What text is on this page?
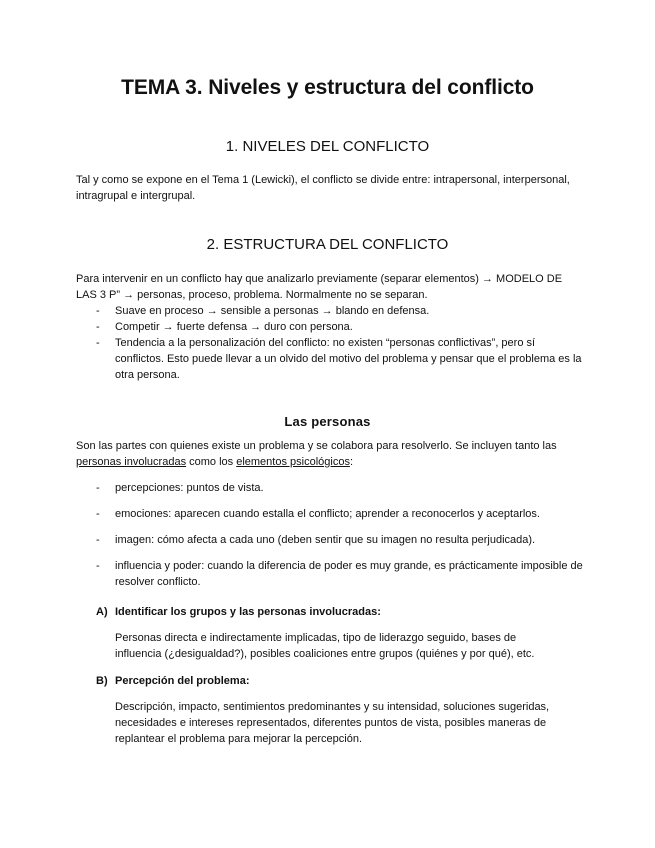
TEMA 3. Niveles y estructura del conflicto
1. NIVELES DEL CONFLICTO

Tal y como se expone en el Tema 1 (Lewicki), el conflicto se divide entre: intrapersonal, interpersonal, intragrupal e intergrupal.

2. ESTRUCTURA DEL CONFLICTO

Para intervenir en un conflicto hay que analizarlo previamente (separar elementos) → MODELO DE LAS 3 P” → personas, proceso, problema. Normalmente no se separan.

- Suave en proceso → sensible a personas → blando en defensa.
- Competir → fuerte defensa → duro con persona.
- Tendencia a la personalización del conflicto: no existen “personas conflictivas”, pero sí conflictos. Esto puede llevar a un olvido del motivo del problema y pensar que el problema es la otra persona.
Las personas

Son las partes con quienes existe un problema y se colabora para resolverlo. Se incluyen tanto las personas involucradas como los elementos psicológicos:

- percepciones: puntos de vista.
- emociones: aparecen cuando estalla el conflicto; aprender a reconocerlos y aceptarlos.
- imagen: cómo afecta a cada uno (deben sentir que su imagen no resulta perjudicada).
- influencia y poder: cuando la diferencia de poder es muy grande, es prácticamente imposible de resolver conflicto.

A) Identificar los grupos y las personas involucradas:

Personas directa e indirectamente implicadas, tipo de liderazgo seguido, bases de influencia (¿desigualdad?), posibles coaliciones entre grupos (quiénes y por qué), etc.

B) Percepción del problema:

Descripción, impacto, sentimientos predominantes y su intensidad, soluciones sugeridas, necesidades e intereses representados, diferentes puntos de vista, posibles maneras de replantear el problema para mejorar la percepción.
